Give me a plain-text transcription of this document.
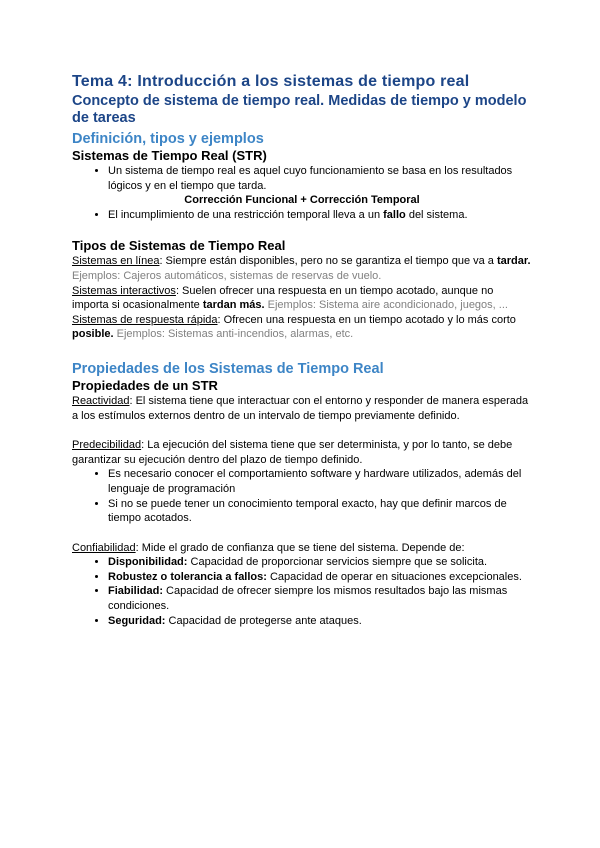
Tema 4: Introducción a los sistemas de tiempo real
Concepto de sistema de tiempo real. Medidas de tiempo y modelo de tareas
Definición, tipos y ejemplos
Sistemas de Tiempo Real (STR)
• Un sistema de tiempo real es aquel cuyo funcionamiento se basa en los resultados lógicos y en el tiempo que tarda.
Corrección Funcional + Corrección Temporal
• El incumplimiento de una restricción temporal lleva a un fallo del sistema.
Tipos de Sistemas de Tiempo Real

Sistemas en línea: Siempre están disponibles, pero no se garantiza el tiempo que va a tardar. Ejemplos: Cajeros automáticos, sistemas de reservas de vuelo.

Sistemas interactivos: Suelen ofrecer una respuesta en un tiempo acotado, aunque no importa si ocasionalmente tardan más. Ejemplos: Sistema aire acondicionado, juegos, ...

Sistemas de respuesta rápida: Ofrecen una respuesta en un tiempo acotado y lo más corto posible. Ejemplos: Sistemas anti-incendios, alarmas, etc.

Propiedades de los Sistemas de Tiempo Real
Propiedades de un STR

Reactividad: El sistema tiene que interactuar con el entorno y responder de manera esperada a los estímulos externos dentro de un intervalo de tiempo previamente definido.

Predecibilidad: La ejecución del sistema tiene que ser determinista, y por lo tanto, se debe garantizar su ejecución dentro del plazo de tiempo definido.

• Es necesario conocer el comportamiento software y hardware utilizados, además del lenguaje de programación
• Si no se puede tener un conocimiento temporal exacto, hay que definir marcos de tiempo acotados.

Confiabilidad: Mide el grado de confianza que se tiene del sistema. Depende de:

• Disponibilidad: Capacidad de proporcionar servicios siempre que se solicita.
• Robustez o tolerancia a fallos: Capacidad de operar en situaciones excepcionales.
• Fiabilidad: Capacidad de ofrecer siempre los mismos resultados bajo las mismas condiciones.
• Seguridad: Capacidad de protegerse ante ataques.
